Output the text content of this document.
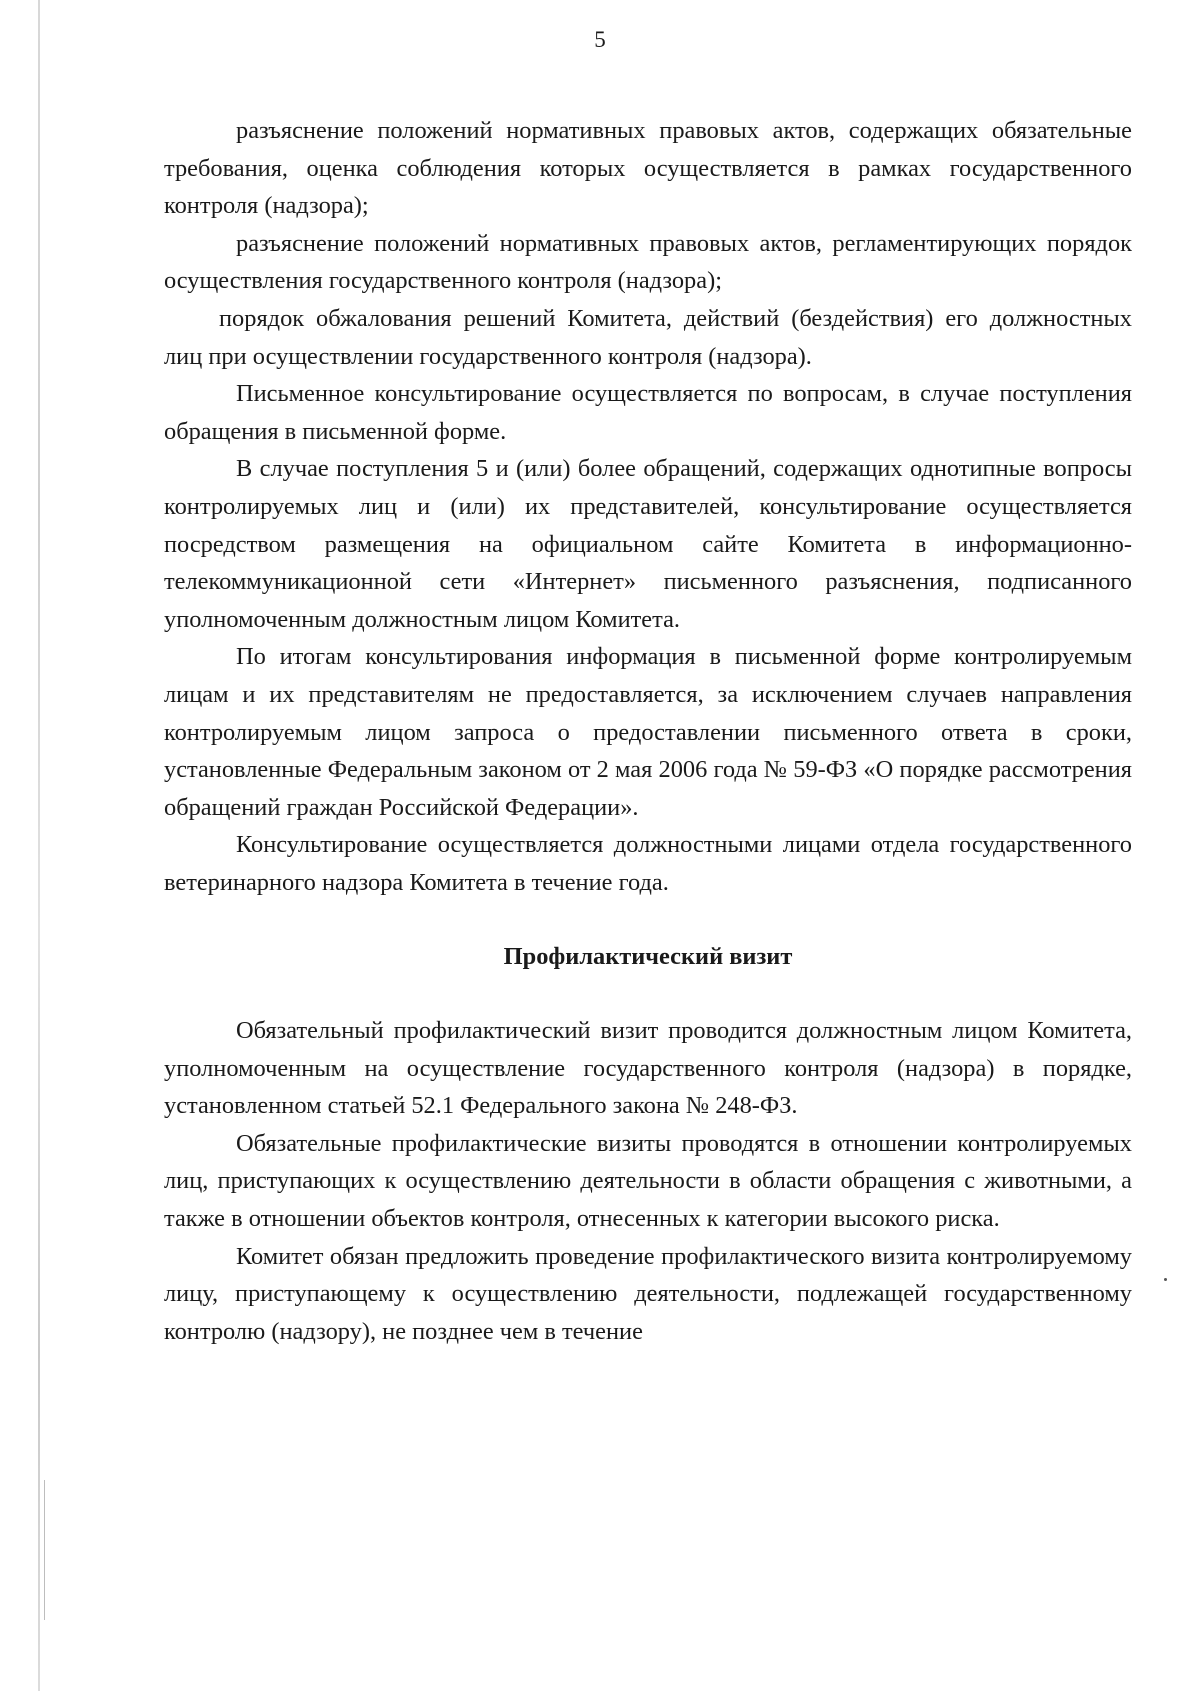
5

разъяснение положений нормативных правовых актов, содержащих обязательные требования, оценка соблюдения которых осуществляется в рамках государственного контроля (надзора);

разъяснение положений нормативных правовых актов, регламентирующих порядок осуществления государственного контроля (надзора);

порядок обжалования решений Комитета, действий (бездействия) его должностных лиц при осуществлении государственного контроля (надзора).

Письменное консультирование осуществляется по вопросам, в случае поступления обращения в письменной форме.

В случае поступления 5 и (или) более обращений, содержащих однотипные вопросы контролируемых лиц и (или) их представителей, консультирование осуществляется посредством размещения на официальном сайте Комитета в информационно-телекоммуникационной сети «Интернет» письменного разъяснения, подписанного уполномоченным должностным лицом Комитета.

По итогам консультирования информация в письменной форме контролируемым лицам и их представителям не предоставляется, за исключением случаев направления контролируемым лицом запроса о предоставлении письменного ответа в сроки, установленные Федеральным законом от 2 мая 2006 года № 59-ФЗ «О порядке рассмотрения обращений граждан Российской Федерации».

Консультирование осуществляется должностными лицами отдела государственного ветеринарного надзора Комитета в течение года.

Профилактический визит

Обязательный профилактический визит проводится должностным лицом Комитета, уполномоченным на осуществление государственного контроля (надзора) в порядке, установленном статьей 52.1 Федерального закона № 248-ФЗ.

Обязательные профилактические визиты проводятся в отношении контролируемых лиц, приступающих к осуществлению деятельности в области обращения с животными, а также в отношении объектов контроля, отнесенных к категории высокого риска.

Комитет обязан предложить проведение профилактического визита контролируемому лицу, приступающему к осуществлению деятельности, подлежащей государственному контролю (надзору), не позднее чем в течение
